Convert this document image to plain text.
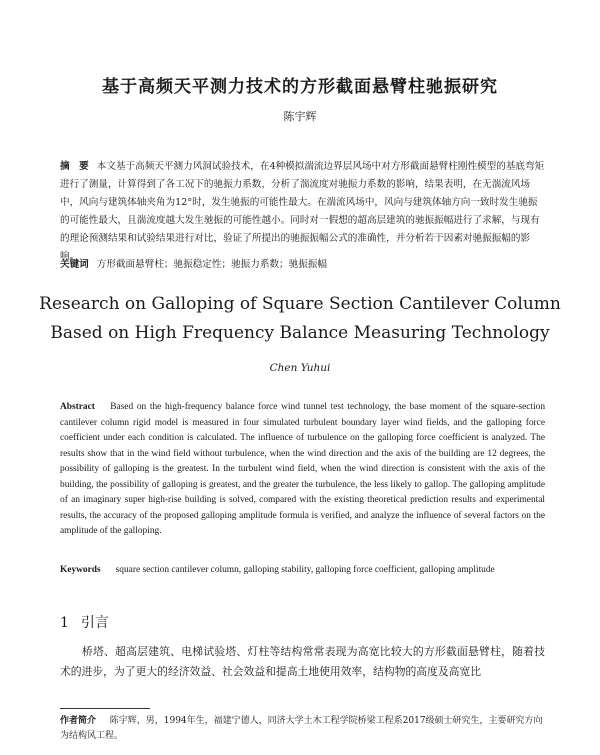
基于高频天平测力技术的方形截面悬臂柱驰振研究
陈宇辉
摘　要 本文基于高频天平测力风洞试验技术，在4种模拟湍流边界层风场中对方形截面悬臂柱刚性模型的基底弯矩进行了测量，计算得到了各工况下的驰振力系数，分析了湍流度对驰振力系数的影响，结果表明，在无湍流风场中，风向与建筑体轴夹角为12°时，发生驰振的可能性最大。在湍流风场中，风向与建筑体轴方向一致时发生驰振的可能性最大，且湍流度越大发生驰振的可能性越小。同时对一假想的超高层建筑的驰振振幅进行了求解，与现有的理论预测结果和试验结果进行对比，验证了所提出的驰振振幅公式的准确性，并分析若干因素对驰振振幅的影响。
关键词 方形截面悬臂柱；驰振稳定性；驰振力系数；驰振振幅
Research on Galloping of Square Section Cantilever Column
Based on High Frequency Balance Measuring Technology
Chen Yuhui
Abstract Based on the high-frequency balance force wind tunnel test technology, the base moment of the square-section cantilever column rigid model is measured in four simulated turbulent boundary layer wind fields, and the galloping force coefficient under each condition is calculated. The influence of turbulence on the galloping force coefficient is analyzed. The results show that in the wind field without turbulence, when the wind direction and the axis of the building are 12 degrees, the possibility of galloping is the greatest. In the turbulent wind field, when the wind direction is consistent with the axis of the building, the possibility of galloping is greatest, and the greater the turbulence, the less likely to gallop. The galloping amplitude of an imaginary super high-rise building is solved, compared with the existing theoretical prediction results and experimental results, the accuracy of the proposed galloping amplitude formula is verified, and analyze the influence of several factors on the amplitude of the galloping.
Keywords square section cantilever column, galloping stability, galloping force coefficient, galloping amplitude
1 引言
桥塔、超高层建筑、电梯试验塔、灯柱等结构常常表现为高宽比较大的方形截面悬臂柱，随着技术的进步，为了更大的经济效益、社会效益和提高土地使用效率，结构物的高度及高宽比
作者简介 陈宇辉，男，1994年生，福建宁德人，同济大学土木工程学院桥梁工程系2017级硕士研究生，主要研究方向为结构风工程。
